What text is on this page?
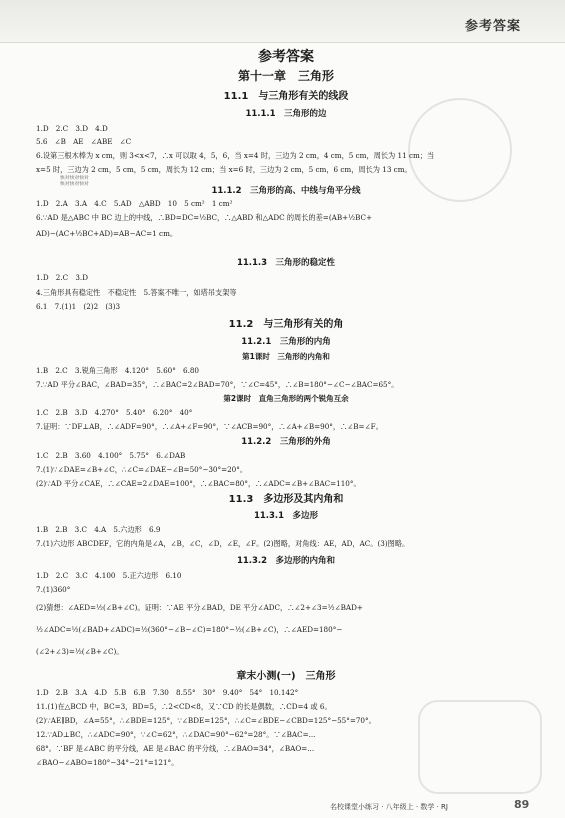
参考答案
参考答案
第十一章　三角形
11.1　与三角形有关的线段
11.1.1　三角形的边
1.D　2.C　3.D　4.D
5.6　∠B　AE　∠ABE　∠C
6.设第三根木棒为 x cm，则 3<x<7，∴x 可以取 4，5，6，当 x=4 时，三边为 2 cm，4 cm，5 cm，周长为 11 cm；当
x=5 时，三边为 2 cm，5 cm，5 cm，周长为 12 cm；当 x=6 时，三边为 2 cm，5 cm，6 cm，周长为 13 cm。
快对快对快对
快对快对快对
11.1.2　三角形的高、中线与角平分线
1.D　2.A　3.A　4.C　5.AD　△ABD　10　5 cm²　1 cm²
6.∵AD 是△ABC 中 BC 边上的中线，∴BD=DC=½BC，∴△ABD 和△ADC 的周长的差=(AB+½BC+
AD)−(AC+½BC+AD)=AB−AC=1 cm。
11.1.3　三角形的稳定性
1.D　2.C　3.D
4.三角形具有稳定性　不稳定性　5.答案不唯一，如塔吊支架等
6.1　7.(1)1　(2)2　(3)3
11.2　与三角形有关的角
11.2.1　三角形的内角
第1课时　三角形的内角和
1.B　2.C　3.锐角三角形　4.120°　5.60°　6.80
7.∵AD 平分∠BAC，∠BAD=35°，∴∠BAC=2∠BAD=70°，∵∠C=45°，∴∠B=180°−∠C−∠BAC=65°。
第2课时　直角三角形的两个锐角互余
1.C　2.B　3.D　4.270°　5.40°　6.20°　40°
7.证明：∵DF⊥AB，∴∠ADF=90°，∴∠A+∠F=90°，∵∠ACB=90°，∴∠A+∠B=90°，∴∠B=∠F。
11.2.2　三角形的外角
1.C　2.B　3.60　4.100°　5.75°　6.∠DAB
7.(1)∵∠DAE=∠B+∠C，∴∠C=∠DAE−∠B=50°−30°=20°。
(2)∵AD 平分∠CAE，∴∠CAE=2∠DAE=100°，∴∠BAC=80°，∴∠ADC=∠B+∠BAC=110°。
11.3　多边形及其内角和
11.3.1　多边形
1.B　2.B　3.C　4.A　5.六边形　6.9
7.(1)六边形 ABCDEF，它的内角是∠A，∠B，∠C，∠D，∠E，∠F。(2)图略，对角线：AE，AD，AC。(3)图略。
11.3.2　多边形的内角和
1.D　2.C　3.C　4.100　5.正六边形　6.10
7.(1)360°
(2)猜想：∠AED=½(∠B+∠C)。证明：∵AE 平分∠BAD，DE 平分∠ADC，∴∠2+∠3=½∠BAD+
½∠ADC=½(∠BAD+∠ADC)=½(360°−∠B−∠C)=180°−½(∠B+∠C)，∴∠AED=180°−
(∠2+∠3)=½(∠B+∠C)。
章末小测(一)　三角形
1.D　2.B　3.A　4.D　5.B　6.B　7.30　8.55°　30°　9.40°　54°　10.142°
11.(1)在△BCD 中，BC=3，BD=5，∴2<CD<8，又∵CD 的长是偶数，∴CD=4 或 6。
(2)∵AE∥BD，∠A=55°，∴∠BDE=125°，∵∠BDE=125°，∴∠C=∠BDE−∠CBD=125°−55°=70°。
12.∵AD⊥BC，∴∠ADC=90°，∵∠C=62°，∴∠DAC=90°−62°=28°。∵∠BAC=...
68°。∵BF 是∠ABC 的平分线，AE 是∠BAC 的平分线，∴∠BAO=34°，∠BAO=...
∠BAO−∠ABO=180°−34°−21°=121°。
名校课堂小练习 · 八年级上 · 数学 · RJ	89
